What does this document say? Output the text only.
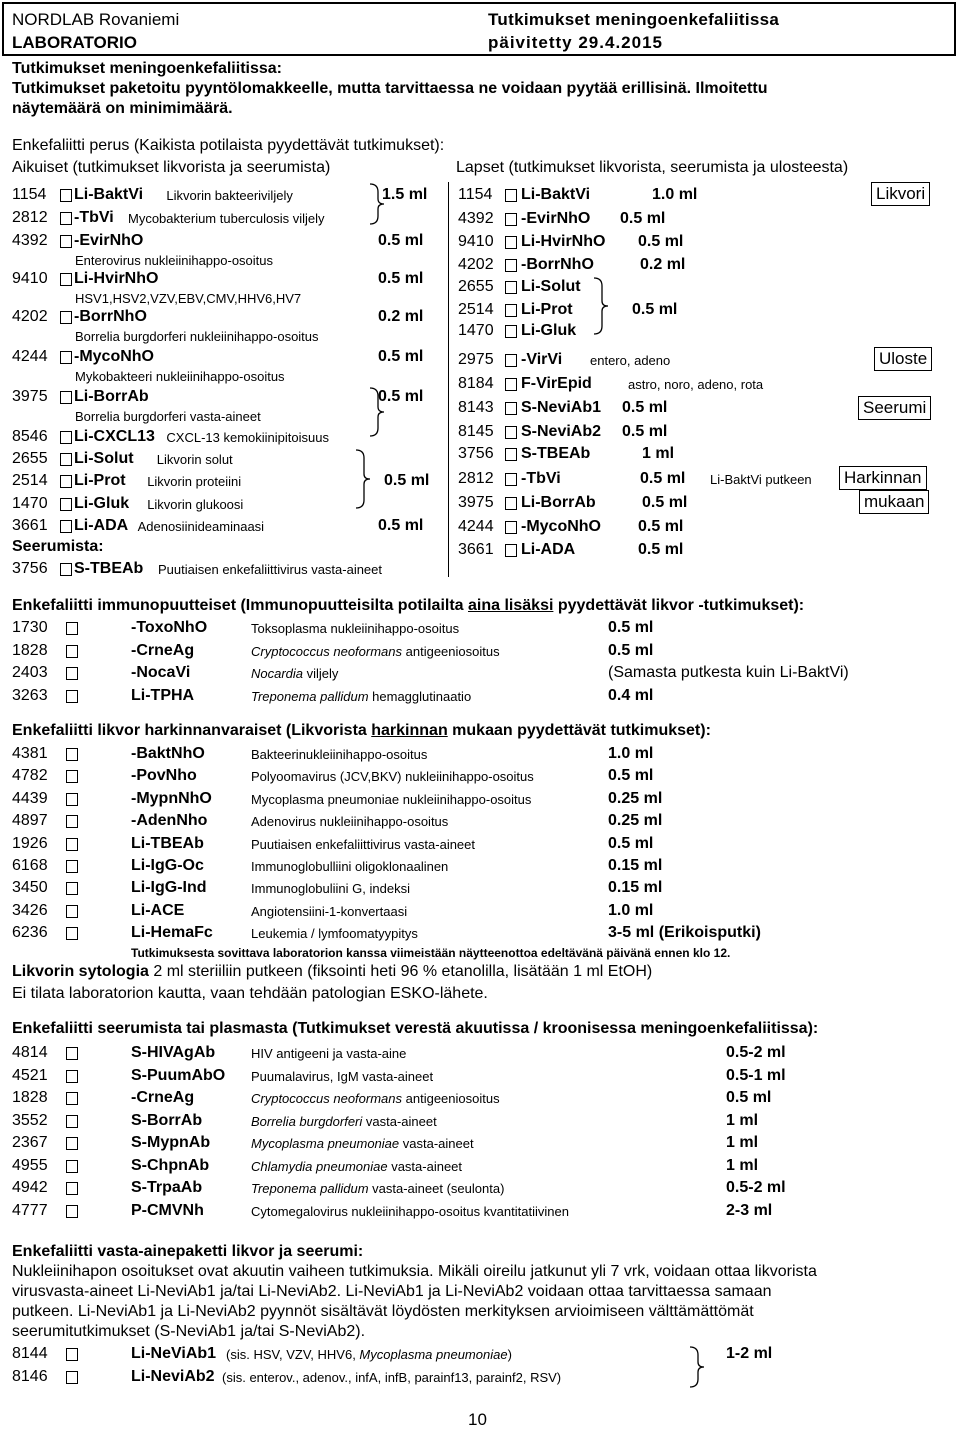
NORDLAB Rovaniemi
LABORATORIO
Tutkimukset meningoenkefaliitissa
päivitetty 29.4.2015
Tutkimukset meningoenkefaliitissa:
Tutkimukset paketoitu pyyntölomakkeelle, mutta tarvittaessa ne voidaan pyytää erillisinä. Ilmoitettu
näytemäärä on minimimäärä.
Enkefaliitti perus (Kaikista potilaista pyydettävät tutkimukset):
Aikuiset (tutkimukset likvorista ja seerumista)	Lapset (tutkimukset likvorista, seerumista ja ulosteesta)
1154 Li-BaktVi Likvorin bakteeriviljely	1.5 ml
2812 -TbVi Mycobakterium tuberculosis viljely
4392 -EvirNhO	0.5 ml
Enterovirus nukleiinihappo-osoitus
9410 Li-HvirNhO	0.5 ml
HSV1,HSV2,VZV,EBV,CMV,HHV6,HV7
4202 -BorrNhO	0.2 ml
Borrelia burgdorferi nukleiinihappo-osoitus
4244 -MycoNhO	0.5 ml
Mykobakteeri nukleiinihappo-osoitus
3975 Li-BorrAb	0.5 ml
Borrelia burgdorferi vasta-aineet
8546 Li-CXCL13 CXCL-13 kemokiinipitoisuus
2655 Li-Solut Likvorin solut
2514 Li-Prot Likvorin proteiini	0.5 ml
1470 Li-Gluk Likvorin glukoosi
3661 Li-ADA Adenosiinideaminaasi	0.5 ml
Seerumista:
3756 S-TBEAb Puutiaisen enkefaliittivirus vasta-aineet
1154 Li-BaktVi	1.0 ml
4392 -EvirNhO 0.5 ml
9410 Li-HvirNhO 0.5 ml
4202 -BorrNhO	0.2 ml
2655 Li-Solut
2514 Li-Prot	0.5 ml
1470 Li-Gluk
2975 -VirVi entero, adeno
8184 F-VirEpid	astro, noro, adeno, rota
8143 S-NeviAb1 0.5 ml
8145 S-NeviAb2 0.5 ml
3756 S-TBEAb	1 ml
2812 -TbVi	0.5 ml Li-BaktVi putkeen
3975 Li-BorrAb	0.5 ml
4244 -MycoNhO 0.5 ml
3661 Li-ADA	0.5 ml
Likvori
Uloste
Seerumi
Harkinnan
mukaan
Enkefaliitti immunopuutteiset (Immunopuutteisilta potilailta aina lisäksi pyydettävät likvor -tutkimukset):
1730	-ToxoNhO	Toksoplasma nukleiinihappo-osoitus	0.5 ml
1828	-CrneAg	Cryptococcus neoformans antigeeniosoitus	0.5 ml
2403	-NocaVi	Nocardia viljely	(Samasta putkesta kuin Li-BaktVi)
3263	Li-TPHA	Treponema pallidum hemagglutinaatio	0.4 ml
Enkefaliitti likvor harkinnanvaraiset (Likvorista harkinnan mukaan pyydettävät tutkimukset):
4381	-BaktNhO	Bakteerinukleiinihappo-osoitus	1.0 ml
4782	-PovNho	Polyoomavirus (JCV,BKV) nukleiinihappo-osoitus	0.5 ml
4439	-MypnNhO	Mycoplasma pneumoniae nukleiinihappo-osoitus	0.25 ml
4897	-AdenNho	Adenovirus nukleiinihappo-osoitus	0.25 ml
1926	Li-TBEAb	Puutiaisen enkefaliittivirus vasta-aineet	0.5 ml
6168	Li-IgG-Oc	Immunoglobulliini oligoklonaalinen	0.15 ml
3450	Li-IgG-Ind	Immunoglobuliini G, indeksi	0.15 ml
3426	Li-ACE	Angiotensiini-1-konvertaasi	1.0 ml
6236	Li-HemaFc	Leukemia / lymfoomatyypitys	3-5 ml (Erikoisputki)
Tutkimuksesta sovittava laboratorion kanssa viimeistään näytteenottoa edeltävänä päivänä ennen klo 12.
Likvorin sytologia 2 ml steriiliin putkeen (fiksointi heti 96 % etanolilla, lisätään 1 ml EtOH)
Ei tilata laboratorion kautta, vaan tehdään patologian ESKO-lähete.
Enkefaliitti seerumista tai plasmasta (Tutkimukset verestä akuutissa / kroonisessa meningoenkefaliitissa):
4814	S-HIVAgAb	HIV antigeeni ja vasta-aine	0.5-2 ml
4521	S-PuumAbO Puumalavirus, IgM vasta-aineet	0.5-1 ml
1828	-CrneAg	Cryptococcus neoformans antigeeniosoitus	0.5 ml
3552	S-BorrAb	Borrelia burgdorferi vasta-aineet	1 ml
2367	S-MypnAb	Mycoplasma pneumoniae vasta-aineet	1 ml
4955	S-ChpnAb	Chlamydia pneumoniae vasta-aineet	1 ml
4942	S-TrpaAb	Treponema pallidum vasta-aineet (seulonta)	0.5-2 ml
4777	P-CMVNh	Cytomegalovirus nukleiinihappo-osoitus kvantitatiivinen	2-3 ml
Enkefaliitti vasta-ainepaketti likvor ja seerumi:
Nukleiinihapon osoitukset ovat akuutin vaiheen tutkimuksia. Mikäli oireilu jatkunut yli 7 vrk, voidaan ottaa likvorista
virusvasta-aineet Li-NeviAb1 ja/tai Li-NeviAb2. Li-NeviAb1 ja Li-NeviAb2 voidaan ottaa tarvittaessa samaan
putkeen. Li-NeviAb1 ja Li-NeviAb2 pyynnöt sisältävät löydösten merkityksen arvioimiseen välttämättömät
seerumitutkimukset (S-NeviAb1 ja/tai S-NeviAb2).
8144	Li-NeViAb1 (sis. HSV, VZV, HHV6, Mycoplasma pneumoniae)	1-2 ml
8146	Li-NeviAb2 (sis. enterov., adenov., infA, infB, parainf13, parainf2, RSV)
10
